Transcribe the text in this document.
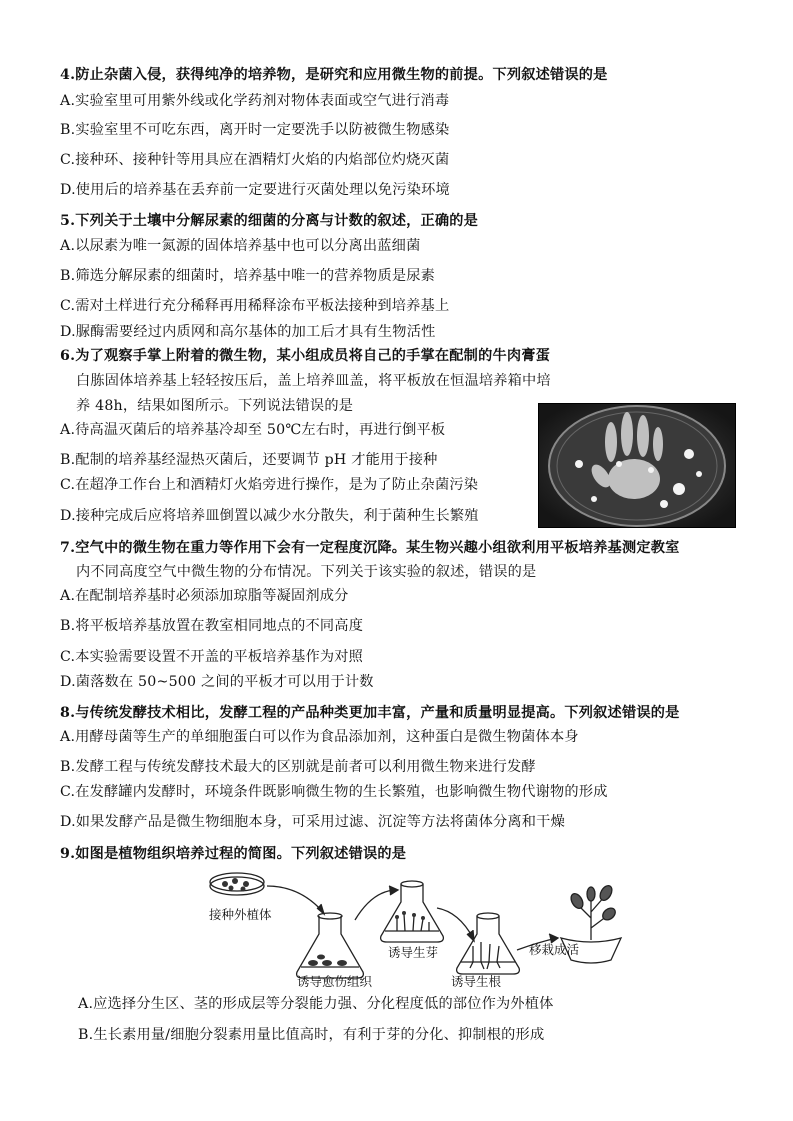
4.防止杂菌入侵，获得纯净的培养物，是研究和应用微生物的前提。下列叙述错误的是
A.实验室里可用紫外线或化学药剂对物体表面或空气进行消毒
B.实验室里不可吃东西，离开时一定要洗手以防被微生物感染
C.接种环、接种针等用具应在酒精灯火焰的内焰部位灼烧灭菌
D.使用后的培养基在丢弃前一定要进行灭菌处理以免污染环境
5.下列关于土壤中分解尿素的细菌的分离与计数的叙述，正确的是
A.以尿素为唯一氮源的固体培养基中也可以分离出蓝细菌
B.筛选分解尿素的细菌时，培养基中唯一的营养物质是尿素
C.需对土样进行充分稀释再用稀释涂布平板法接种到培养基上
D.脲酶需要经过内质网和高尔基体的加工后才具有生物活性
6.为了观察手掌上附着的微生物，某小组成员将自己的手掌在配制的牛肉膏蛋
白胨固体培养基上轻轻按压后，盖上培养皿盖，将平板放在恒温培养箱中培
养 48h，结果如图所示。下列说法错误的是
A.待高温灭菌后的培养基冷却至 50℃左右时，再进行倒平板
B.配制的培养基经湿热灭菌后，还要调节 pH 才能用于接种
C.在超净工作台上和酒精灯火焰旁进行操作，是为了防止杂菌污染
D.接种完成后应将培养皿倒置以减少水分散失，利于菌种生长繁殖
7.空气中的微生物在重力等作用下会有一定程度沉降。某生物兴趣小组欲利用平板培养基测定教室
内不同高度空气中微生物的分布情况。下列关于该实验的叙述，错误的是
A.在配制培养基时必须添加琼脂等凝固剂成分
B.将平板培养基放置在教室相同地点的不同高度
C.本实验需要设置不开盖的平板培养基作为对照
D.菌落数在 50~500 之间的平板才可以用于计数
8.与传统发酵技术相比，发酵工程的产品种类更加丰富，产量和质量明显提高。下列叙述错误的是
A.用酵母菌等生产的单细胞蛋白可以作为食品添加剂，这种蛋白是微生物菌体本身
B.发酵工程与传统发酵技术最大的区别就是前者可以利用微生物来进行发酵
C.在发酵罐内发酵时，环境条件既影响微生物的生长繁殖，也影响微生物代谢物的形成
D.如果发酵产品是微生物细胞本身，可采用过滤、沉淀等方法将菌体分离和干燥
9.如图是植物组织培养过程的简图。下列叙述错误的是
接种外植体
诱导愈伤组织
诱导生芽
诱导生根
移栽成活
A.应选择分生区、茎的形成层等分裂能力强、分化程度低的部位作为外植体
B.生长素用量/细胞分裂素用量比值高时，有利于芽的分化、抑制根的形成
